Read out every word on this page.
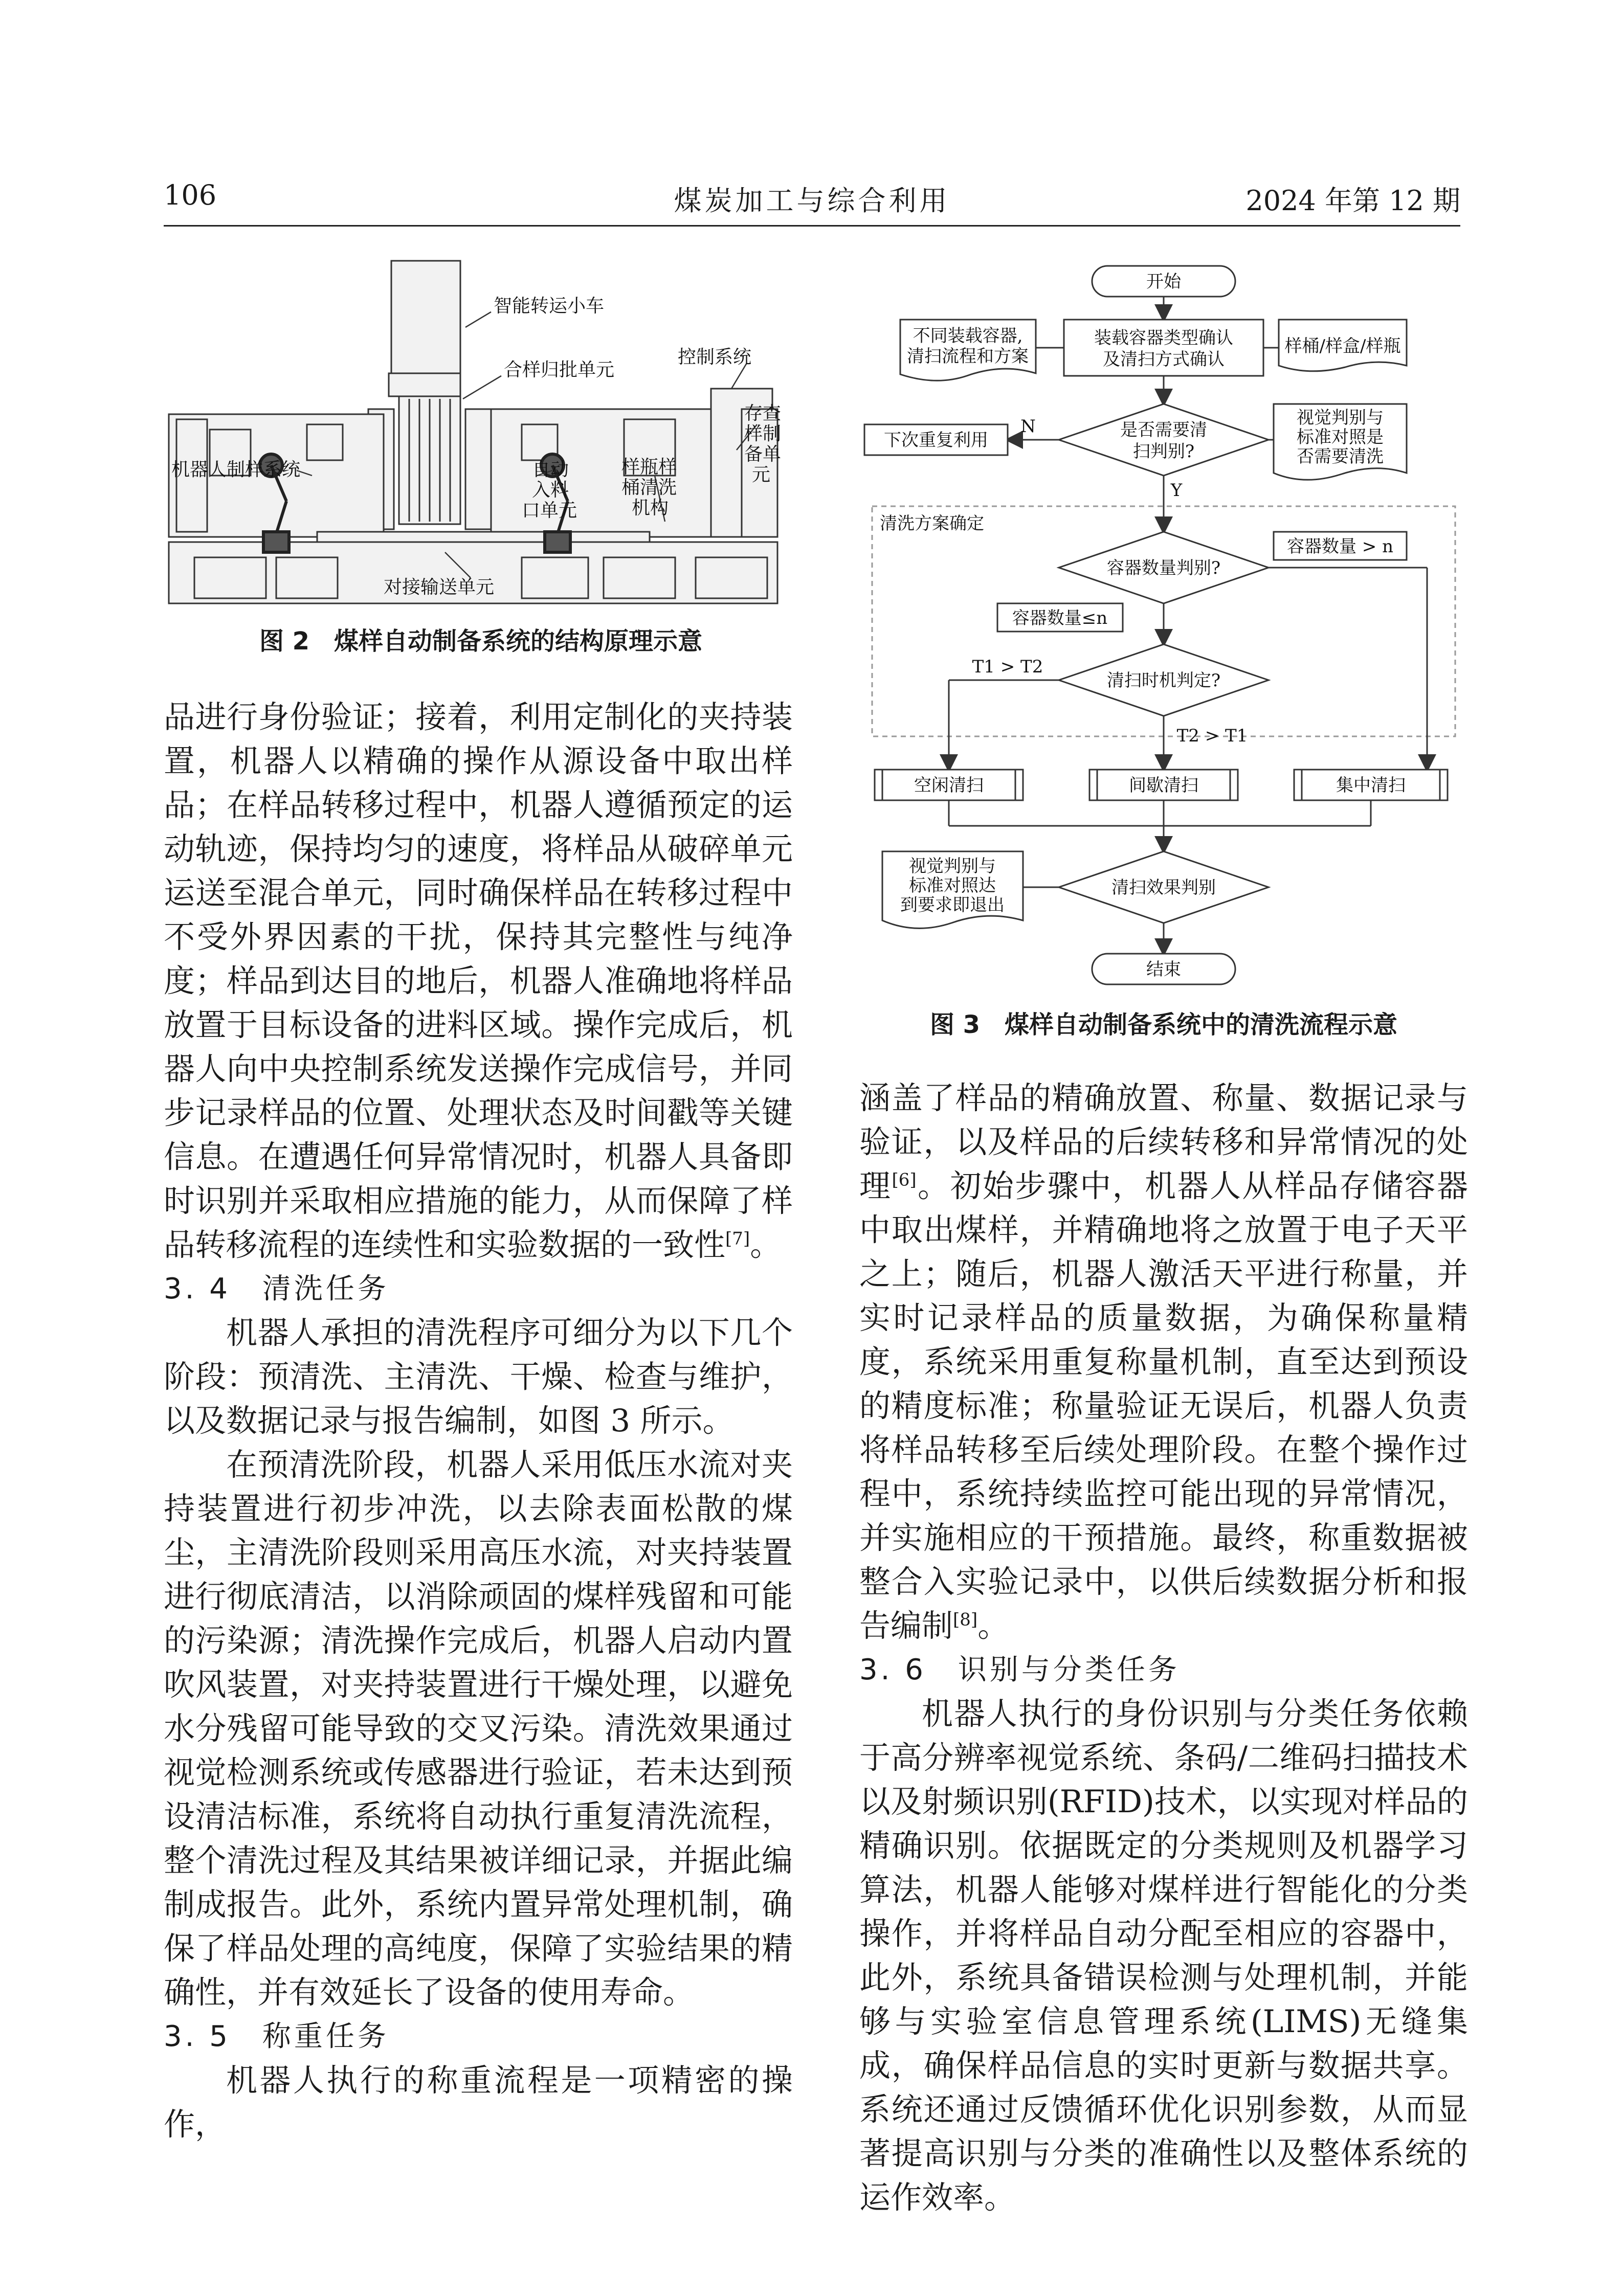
106	煤炭加工与综合利用	2024 年第 12 期
智能转运小车
合样归批单元
控制系统
机器人制样系统	自动
入料
口单元
样瓶样
桶清洗
机构
存查
样制
备单
元
对接输送单元
图 2　煤样自动制备系统的结构原理示意
开始
不同装载容器,
清扫流程和方案
装载容器类型确认
及清扫方式确认
样桶/样盒/样瓶
是否需要清
扫判别?
N
下次重复利用
视觉判别与
标准对照是
否需要清洗
Y
容器数量 > n
容器数量判别?
容器数量≤n
T1 > T2
清扫时机判定?
T2 > T1
空闲清扫	间歇清扫	集中清扫
视觉判别与
标准对照达
到要求即退出
清扫效果判别
结束
清洗方案确定
图 3　煤样自动制备系统中的清洗流程示意

品进行身份验证；接着，利用定制化的夹持装置，机器人以精确的操作从源设备中取出样品；在样品转移过程中，机器人遵循预定的运动轨迹，保持均匀的速度，将样品从破碎单元运送至混合单元，同时确保样品在转移过程中不受外界因素的干扰，保持其完整性与纯净度；样品到达目的地后，机器人准确地将样品放置于目标设备的进料区域。操作完成后，机器人向中央控制系统发送操作完成信号，并同步记录样品的位置、处理状态及时间戳等关键信息。在遭遇任何异常情况时，机器人具备即时识别并采取相应措施的能力，从而保障了样品转移流程的连续性和实验数据的一致性[7]。

3. 4　清洗任务

机器人承担的清洗程序可细分为以下几个阶段：预清洗、主清洗、干燥、检查与维护，以及数据记录与报告编制，如图 3 所示。

在预清洗阶段，机器人采用低压水流对夹持装置进行初步冲洗，以去除表面松散的煤尘，主清洗阶段则采用高压水流，对夹持装置进行彻底清洁，以消除顽固的煤样残留和可能的污染源；清洗操作完成后，机器人启动内置吹风装置，对夹持装置进行干燥处理，以避免水分残留可能导致的交叉污染。清洗效果通过视觉检测系统或传感器进行验证，若未达到预设清洁标准，系统将自动执行重复清洗流程，整个清洗过程及其结果被详细记录，并据此编制成报告。此外，系统内置异常处理机制，确保了样品处理的高纯度，保障了实验结果的精确性，并有效延长了设备的使用寿命。

3. 5　称重任务

机器人执行的称重流程是一项精密的操作，

涵盖了样品的精确放置、称量、数据记录与验证，以及样品的后续转移和异常情况的处理[6]。初始步骤中，机器人从样品存储容器中取出煤样，并精确地将之放置于电子天平之上；随后，机器人激活天平进行称量，并实时记录样品的质量数据，为确保称量精度，系统采用重复称量机制，直至达到预设的精度标准；称量验证无误后，机器人负责将样品转移至后续处理阶段。在整个操作过程中，系统持续监控可能出现的异常情况，并实施相应的干预措施。最终，称重数据被整合入实验记录中，以供后续数据分析和报告编制[8]。

3. 6　识别与分类任务

机器人执行的身份识别与分类任务依赖于高分辨率视觉系统、条码/二维码扫描技术以及射频识别(RFID)技术，以实现对样品的精确识别。依据既定的分类规则及机器学习算法，机器人能够对煤样进行智能化的分类操作，并将样品自动分配至相应的容器中，此外，系统具备错误检测与处理机制，并能够与实验室信息管理系统(LIMS)无缝集成，确保样品信息的实时更新与数据共享。系统还通过反馈循环优化识别参数，从而显著提高识别与分类的准确性以及整体系统的运作效率。
